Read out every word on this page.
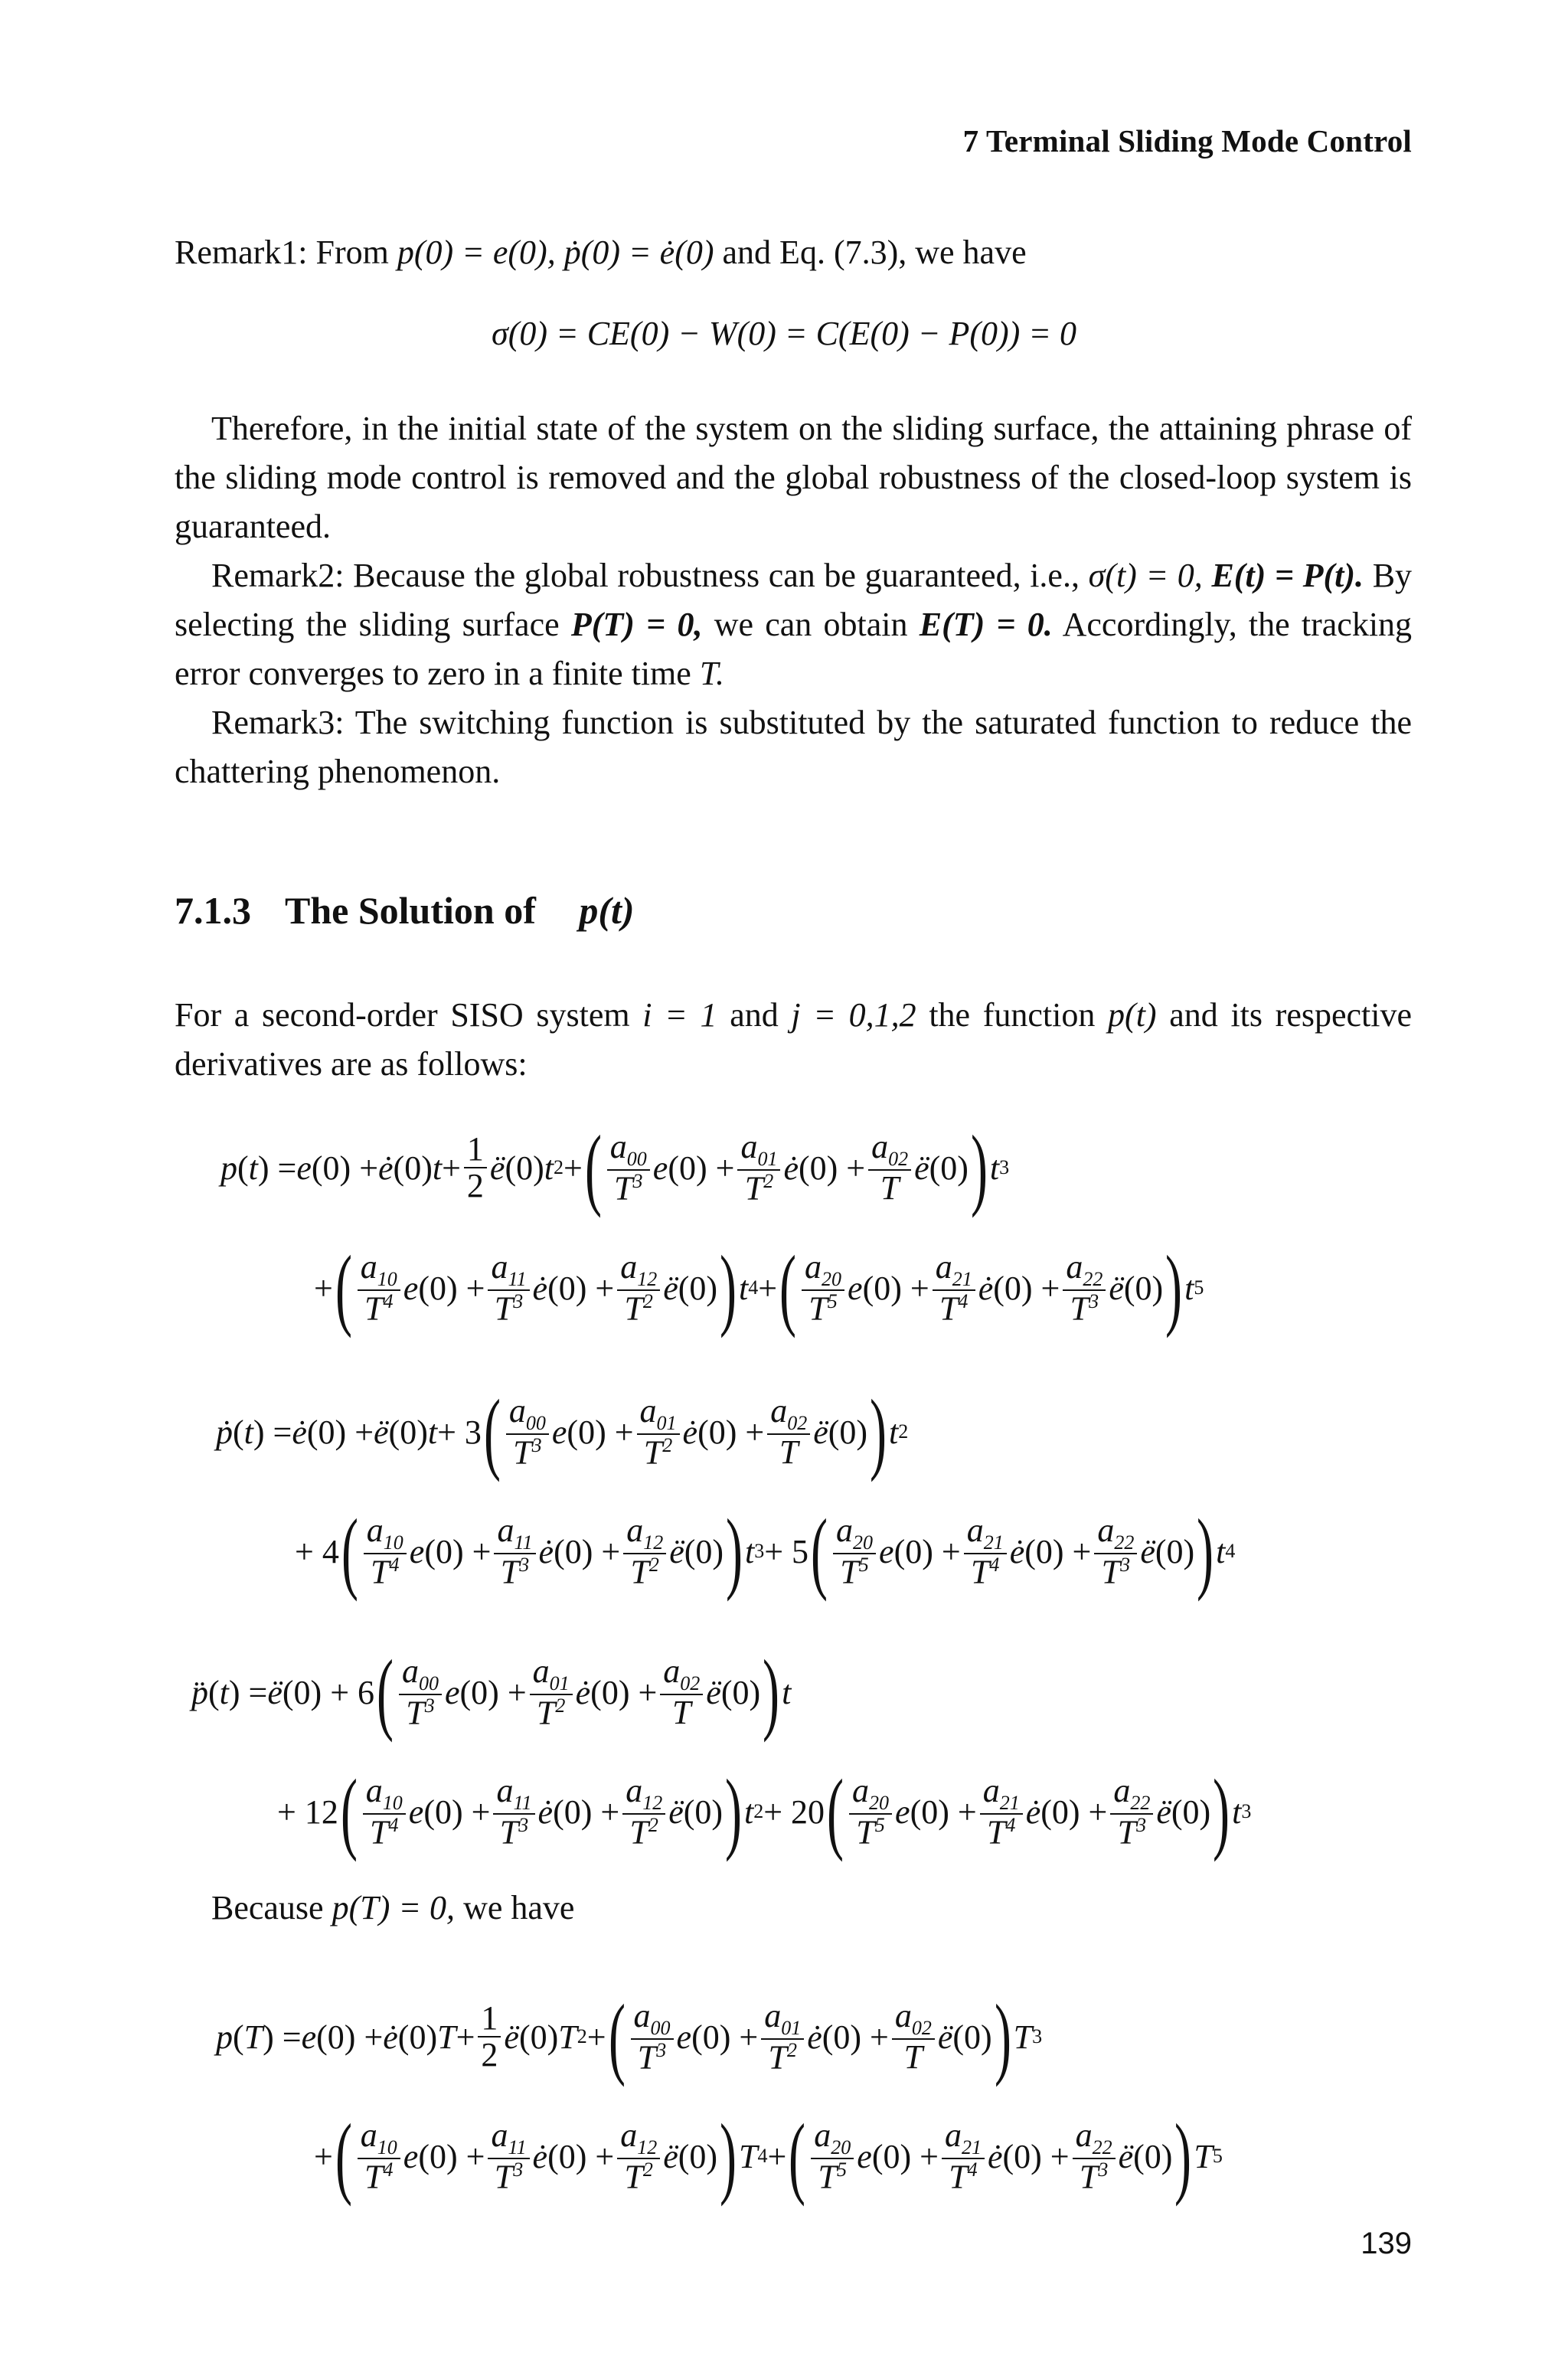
7 Terminal Sliding Mode Control
Remark1: From p(0) = e(0), ṗ(0) = ė(0) and Eq. (7.3), we have
σ(0) = CE(0) − W(0) = C(E(0) − P(0)) = 0

Therefore, in the initial state of the system on the sliding surface, the attaining phrase of the sliding mode control is removed and the global robustness of the closed-loop system is guaranteed.

Remark2: Because the global robustness can be guaranteed, i.e., σ(t) = 0, E(t) = P(t). By selecting the sliding surface P(T) = 0, we can obtain E(T) = 0. Accordingly, the tracking error converges to zero in a finite time T.

Remark3: The switching function is substituted by the saturated function to reduce the chattering phenomenon.

7.1.3 The Solution of p(t)
For a second-order SISO system i = 1 and j = 0,1,2 the function p(t) and its respective derivatives are as follows:
p ( t ) = e (0) + ė (0) $t + \frac{1}{2}$ ë (0) t 2 + ( $\frac{a_{00}}{T^3}$ e $(0) + \frac{a_{01}}{T^2}$ ė $(0) + \frac{a_{02}}{T}$ ë (0) ) t 3
+ ( $\frac{a_{10}}{T^4}$ e $(0) + \frac{a_{11}}{T^3}$ ė $(0) + \frac{a_{12}}{T^2}$ ë (0) ) t 4 + ( $\frac{a_{20}}{T^5}$ e $(0) + \frac{a_{21}}{T^4}$ ė $(0) + \frac{a_{22}}{T^3}$ ë (0) ) t 5
ṗ ( t ) = ė (0) + ë (0) t + 3 ( $\frac{a_{00}}{T^3}$ e $(0) + \frac{a_{01}}{T^2}$ ė $(0) + \frac{a_{02}}{T}$ ë (0) ) t 2
+ 4 ( $\frac{a_{10}}{T^4}$ e $(0) + \frac{a_{11}}{T^3}$ ė $(0) + \frac{a_{12}}{T^2}$ ë (0) ) t 3 + 5 ( $\frac{a_{20}}{T^5}$ e $(0) + \frac{a_{21}}{T^4}$ ė $(0) + \frac{a_{22}}{T^3}$ ë (0) ) t 4
p̈ ( t ) = ë (0) + 6 ( $\frac{a_{00}}{T^3}$ e $(0) + \frac{a_{01}}{T^2}$ ė $(0) + \frac{a_{02}}{T}$ ë (0) ) t
+ 12 ( $\frac{a_{10}}{T^4}$ e $(0) + \frac{a_{11}}{T^3}$ ė $(0) + \frac{a_{12}}{T^2}$ ë (0) ) t 2 + 20 ( $\frac{a_{20}}{T^5}$ e $(0) + \frac{a_{21}}{T^4}$ ė $(0) + \frac{a_{22}}{T^3}$ ë (0) ) t 3
Because p(T) = 0, we have
p ( T ) = e (0) + ė (0) $T + \frac{1}{2}$ ë (0) T 2 + ( $\frac{a_{00}}{T^3}$ e $(0) + \frac{a_{01}}{T^2}$ ė $(0) + \frac{a_{02}}{T}$ ë (0) ) T 3
+ ( $\frac{a_{10}}{T^4}$ e $(0) + \frac{a_{11}}{T^3}$ ė $(0) + \frac{a_{12}}{T^2}$ ë (0) ) T 4 + ( $\frac{a_{20}}{T^5}$ e $(0) + \frac{a_{21}}{T^4}$ ė $(0) + \frac{a_{22}}{T^3}$ ë (0) ) T 5
139
